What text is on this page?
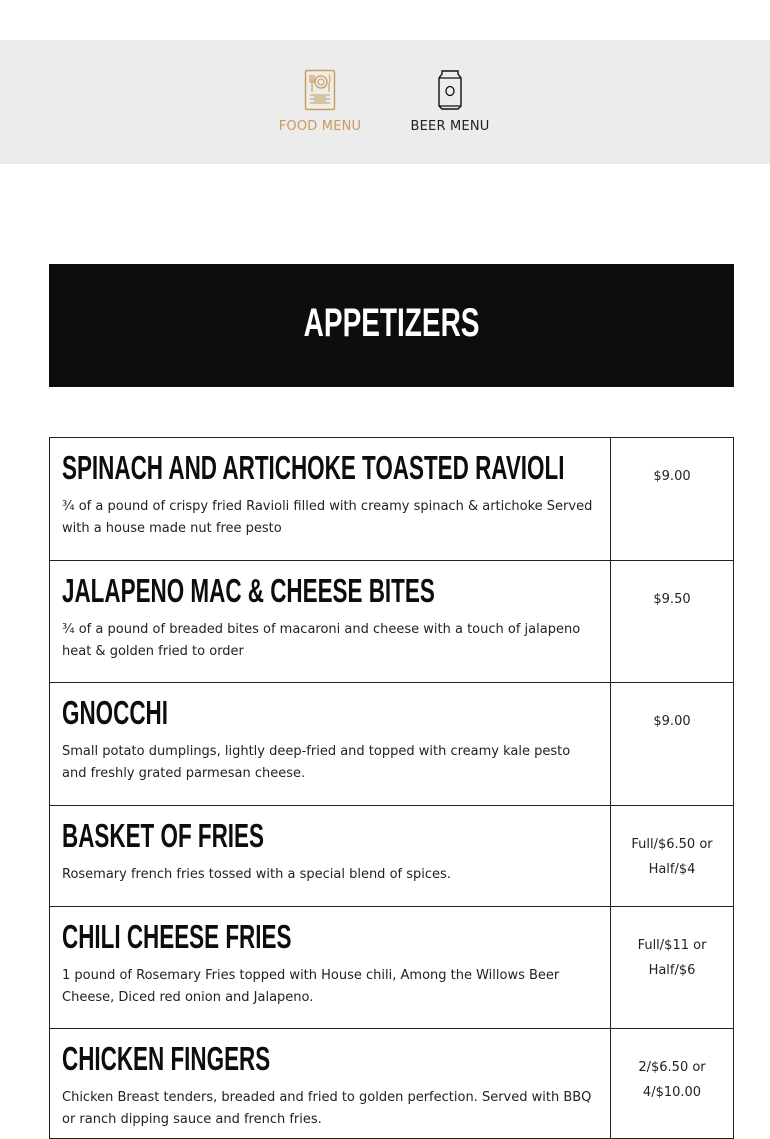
FOOD MENU	BEER MENU
APPETIZERS
SPINACH AND ARTICHOKE TOASTED RAVIOLI
¾ of a pound of crispy fried Ravioli filled with creamy spinach & artichoke Served with a house made nut free pesto
$9.00
JALAPENO MAC & CHEESE BITES
¾ of a pound of breaded bites of macaroni and cheese with a touch of jalapeno heat & golden fried to order
$9.50
GNOCCHI
Small potato dumplings, lightly deep-fried and topped with creamy kale pesto and freshly grated parmesan cheese.
$9.00
BASKET OF FRIES
Rosemary french fries tossed with a special blend of spices.
Full/$6.50 or Half/$4
CHILI CHEESE FRIES
1 pound of Rosemary Fries topped with House chili, Among the Willows Beer Cheese, Diced red onion and Jalapeno.
Full/$11 or Half/$6
CHICKEN FINGERS
Chicken Breast tenders, breaded and fried to golden perfection. Served with BBQ or ranch dipping sauce and french fries.
2/$6.50 or 4/$10.00
